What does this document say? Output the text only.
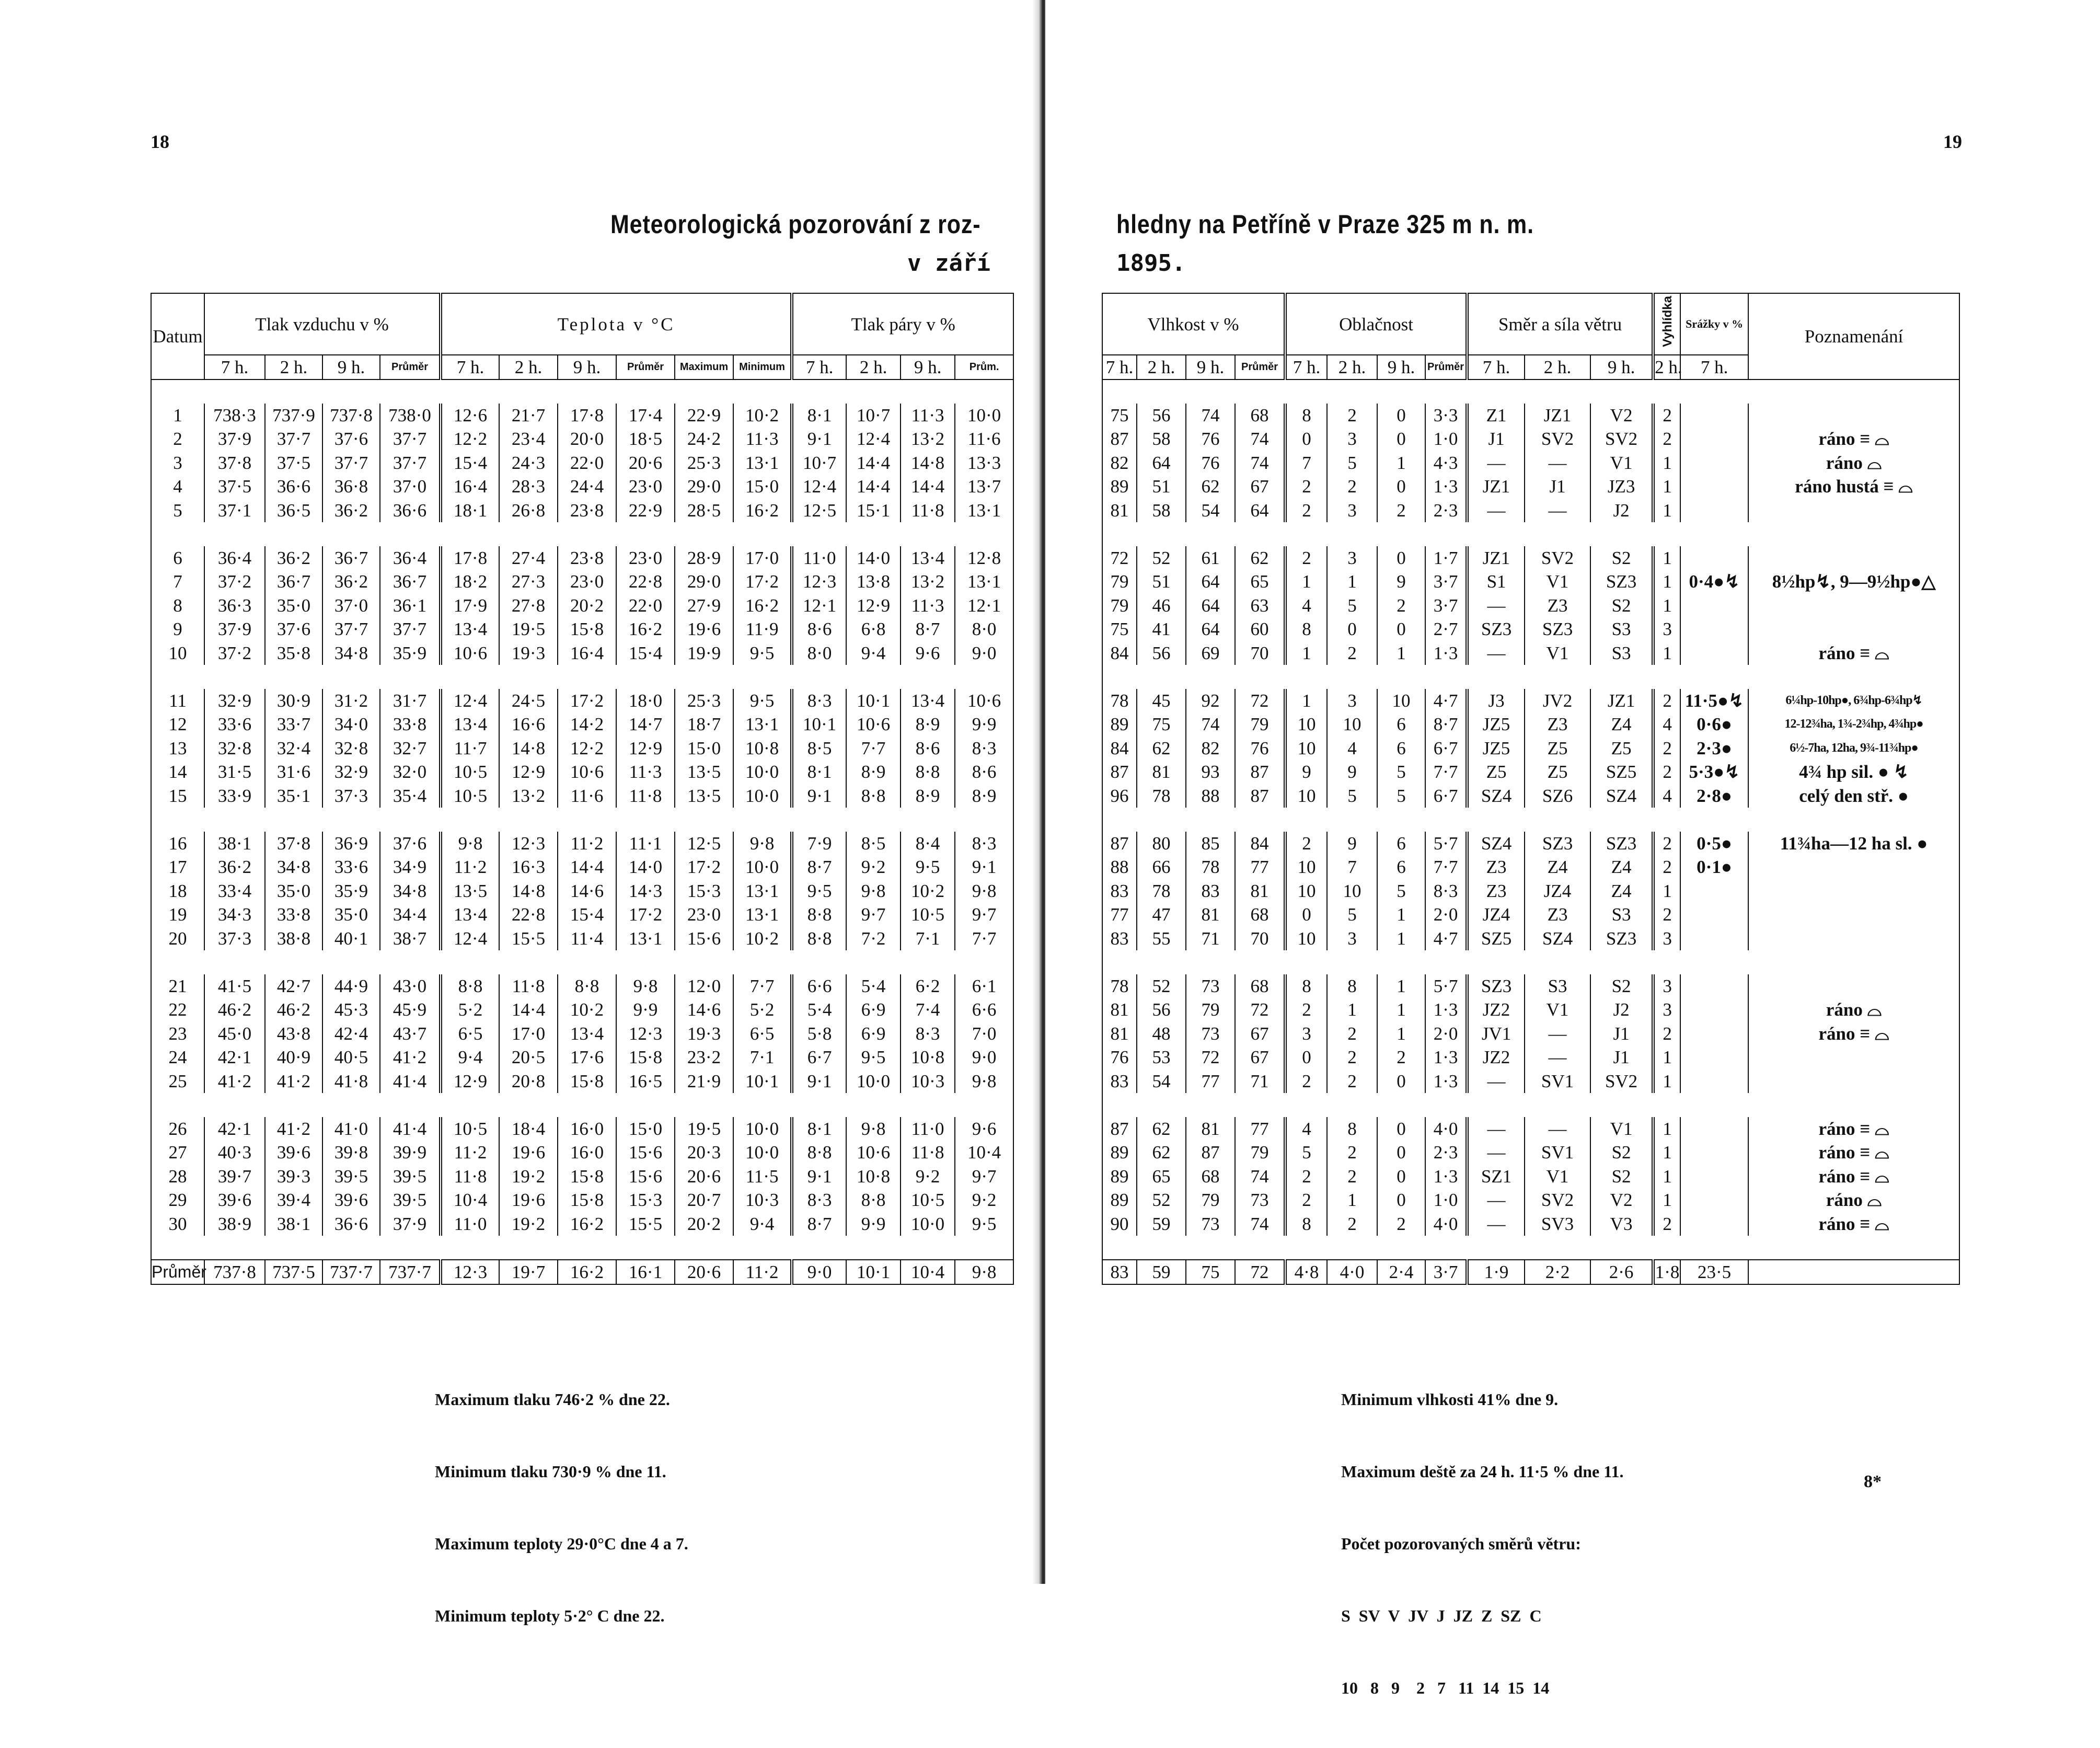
18
Meteorologická pozorování z roz-
v září
Datum	Tlak vzduchu v %				Teplota v °C						Tlak páry v %			
	7 h.	2 h.	9 h.	Průměr	7 h.	2 h.	9 h.	Průměr	Maximum	Minimum	7 h.	2 h.	9 h.	Prům.

1	738·3	737·9	737·8	738·0	12·6	21·7	17·8	17·4	22·9	10·2	8·1	10·7	11·3	10·0
2	37·9	37·7	37·6	37·7	12·2	23·4	20·0	18·5	24·2	11·3	9·1	12·4	13·2	11·6
3	37·8	37·5	37·7	37·7	15·4	24·3	22·0	20·6	25·3	13·1	10·7	14·4	14·8	13·3
4	37·5	36·6	36·8	37·0	16·4	28·3	24·4	23·0	29·0	15·0	12·4	14·4	14·4	13·7
5	37·1	36·5	36·2	36·6	18·1	26·8	23·8	22·9	28·5	16·2	12·5	15·1	11·8	13·1

6	36·4	36·2	36·7	36·4	17·8	27·4	23·8	23·0	28·9	17·0	11·0	14·0	13·4	12·8
7	37·2	36·7	36·2	36·7	18·2	27·3	23·0	22·8	29·0	17·2	12·3	13·8	13·2	13·1
8	36·3	35·0	37·0	36·1	17·9	27·8	20·2	22·0	27·9	16·2	12·1	12·9	11·3	12·1
9	37·9	37·6	37·7	37·7	13·4	19·5	15·8	16·2	19·6	11·9	8·6	6·8	8·7	8·0
10	37·2	35·8	34·8	35·9	10·6	19·3	16·4	15·4	19·9	9·5	8·0	9·4	9·6	9·0

11	32·9	30·9	31·2	31·7	12·4	24·5	17·2	18·0	25·3	9·5	8·3	10·1	13·4	10·6
12	33·6	33·7	34·0	33·8	13·4	16·6	14·2	14·7	18·7	13·1	10·1	10·6	8·9	9·9
13	32·8	32·4	32·8	32·7	11·7	14·8	12·2	12·9	15·0	10·8	8·5	7·7	8·6	8·3
14	31·5	31·6	32·9	32·0	10·5	12·9	10·6	11·3	13·5	10·0	8·1	8·9	8·8	8·6
15	33·9	35·1	37·3	35·4	10·5	13·2	11·6	11·8	13·5	10·0	9·1	8·8	8·9	8·9

16	38·1	37·8	36·9	37·6	9·8	12·3	11·2	11·1	12·5	9·8	7·9	8·5	8·4	8·3
17	36·2	34·8	33·6	34·9	11·2	16·3	14·4	14·0	17·2	10·0	8·7	9·2	9·5	9·1
18	33·4	35·0	35·9	34·8	13·5	14·8	14·6	14·3	15·3	13·1	9·5	9·8	10·2	9·8
19	34·3	33·8	35·0	34·4	13·4	22·8	15·4	17·2	23·0	13·1	8·8	9·7	10·5	9·7
20	37·3	38·8	40·1	38·7	12·4	15·5	11·4	13·1	15·6	10·2	8·8	7·2	7·1	7·7

21	41·5	42·7	44·9	43·0	8·8	11·8	8·8	9·8	12·0	7·7	6·6	5·4	6·2	6·1
22	46·2	46·2	45·3	45·9	5·2	14·4	10·2	9·9	14·6	5·2	5·4	6·9	7·4	6·6
23	45·0	43·8	42·4	43·7	6·5	17·0	13·4	12·3	19·3	6·5	5·8	6·9	8·3	7·0
24	42·1	40·9	40·5	41·2	9·4	20·5	17·6	15·8	23·2	7·1	6·7	9·5	10·8	9·0
25	41·2	41·2	41·8	41·4	12·9	20·8	15·8	16·5	21·9	10·1	9·1	10·0	10·3	9·8

26	42·1	41·2	41·0	41·4	10·5	18·4	16·0	15·0	19·5	10·0	8·1	9·8	11·0	9·6
27	40·3	39·6	39·8	39·9	11·2	19·6	16·0	15·6	20·3	10·0	8·8	10·6	11·8	10·4
28	39·7	39·3	39·5	39·5	11·8	19·2	15·8	15·6	20·6	11·5	9·1	10·8	9·2	9·7
29	39·6	39·4	39·6	39·5	10·4	19·6	15·8	15·3	20·7	10·3	8·3	8·8	10·5	9·2
30	38·9	38·1	36·6	37·9	11·0	19·2	16·2	15·5	20·2	9·4	8·7	9·9	10·0	9·5

Průměr	737·8	737·5	737·7	737·7	12·3	19·7	16·2	16·1	20·6	11·2	9·0	10·1	10·4	9·8

Maximum tlaku 746·2 % dne 22.

Minimum tlaku 730·9 % dne 11.

Maximum teploty 29·0°C dne 4 a 7.

Minimum teploty 5·2° C dne 22.

19
hledny na Petříně v Praze 325 m n. m.
1895.
Vlhkost v %				Oblačnost				Směr a síla větru			Vyhlídka	Srážky v %	Poznamenání
7 h.	2 h.	9 h.	Průměr	7 h.	2 h.	9 h.	Průměr	7 h.	2 h.	9 h.	2 h.	7 h.	

75	56	74	68	8	2	0	3·3	Z1	JZ1	V2	2		
87	58	76	74	0	3	0	1·0	J1	SV2	SV2	2		ráno ≡ ⌓
82	64	76	74	7	5	1	4·3	—	—	V1	1		ráno ⌓
89	51	62	67	2	2	0	1·3	JZ1	J1	JZ3	1		ráno hustá ≡ ⌓
81	58	54	64	2	3	2	2·3	—	—	J2	1		

72	52	61	62	2	3	0	1·7	JZ1	SV2	S2	1		
79	51	64	65	1	1	9	3·7	S1	V1	SZ3	1	0·4●↯	8½hp↯, 9—9½hp●△
79	46	64	63	4	5	2	3·7	—	Z3	S2	1		
75	41	64	60	8	0	0	2·7	SZ3	SZ3	S3	3		
84	56	69	70	1	2	1	1·3	—	V1	S3	1		ráno ≡ ⌓

78	45	92	72	1	3	10	4·7	J3	JV2	JZ1	2	11·5●↯	6¼hp-10hp●, 6¾hp-6¾hp↯
89	75	74	79	10	10	6	8·7	JZ5	Z3	Z4	4	0·6●	12-12¾ha, 1¾-2¾hp, 4¾hp●
84	62	82	76	10	4	6	6·7	JZ5	Z5	Z5	2	2·3●	6½-7ha, 12ha, 9¾-11¾hp●
87	81	93	87	9	9	5	7·7	Z5	Z5	SZ5	2	5·3●↯	4¾ hp sil. ● ↯
96	78	88	87	10	5	5	6·7	SZ4	SZ6	SZ4	4	2·8●	celý den stř. ●

87	80	85	84	2	9	6	5·7	SZ4	SZ3	SZ3	2	0·5●	11¾ha—12 ha sl. ●
88	66	78	77	10	7	6	7·7	Z3	Z4	Z4	2	0·1●	
83	78	83	81	10	10	5	8·3	Z3	JZ4	Z4	1		
77	47	81	68	0	5	1	2·0	JZ4	Z3	S3	2		
83	55	71	70	10	3	1	4·7	SZ5	SZ4	SZ3	3		

78	52	73	68	8	8	1	5·7	SZ3	S3	S2	3		
81	56	79	72	2	1	1	1·3	JZ2	V1	J2	3		ráno ⌓
81	48	73	67	3	2	1	2·0	JV1	—	J1	2		ráno ≡ ⌓
76	53	72	67	0	2	2	1·3	JZ2	—	J1	1		
83	54	77	71	2	2	0	1·3	—	SV1	SV2	1		

87	62	81	77	4	8	0	4·0	—	—	V1	1		ráno ≡ ⌓
89	62	87	79	5	2	0	2·3	—	SV1	S2	1		ráno ≡ ⌓
89	65	68	74	2	2	0	1·3	SZ1	V1	S2	1		ráno ≡ ⌓
89	52	79	73	2	1	0	1·0	—	SV2	V2	1		ráno ⌓
90	59	73	74	8	2	2	4·0	—	SV3	V3	2		ráno ≡ ⌓

83	59	75	72	4·8	4·0	2·4	3·7	1·9	2·2	2·6	1·8	23·5	

Minimum vlhkosti 41% dne 9.

Maximum deště za 24 h. 11·5 % dne 11.

Počet pozorovaných směrů větru:

S  SV  V  JV  J  JZ  Z  SZ  C

10   8   9    2   7   11  14  15  14

8*
